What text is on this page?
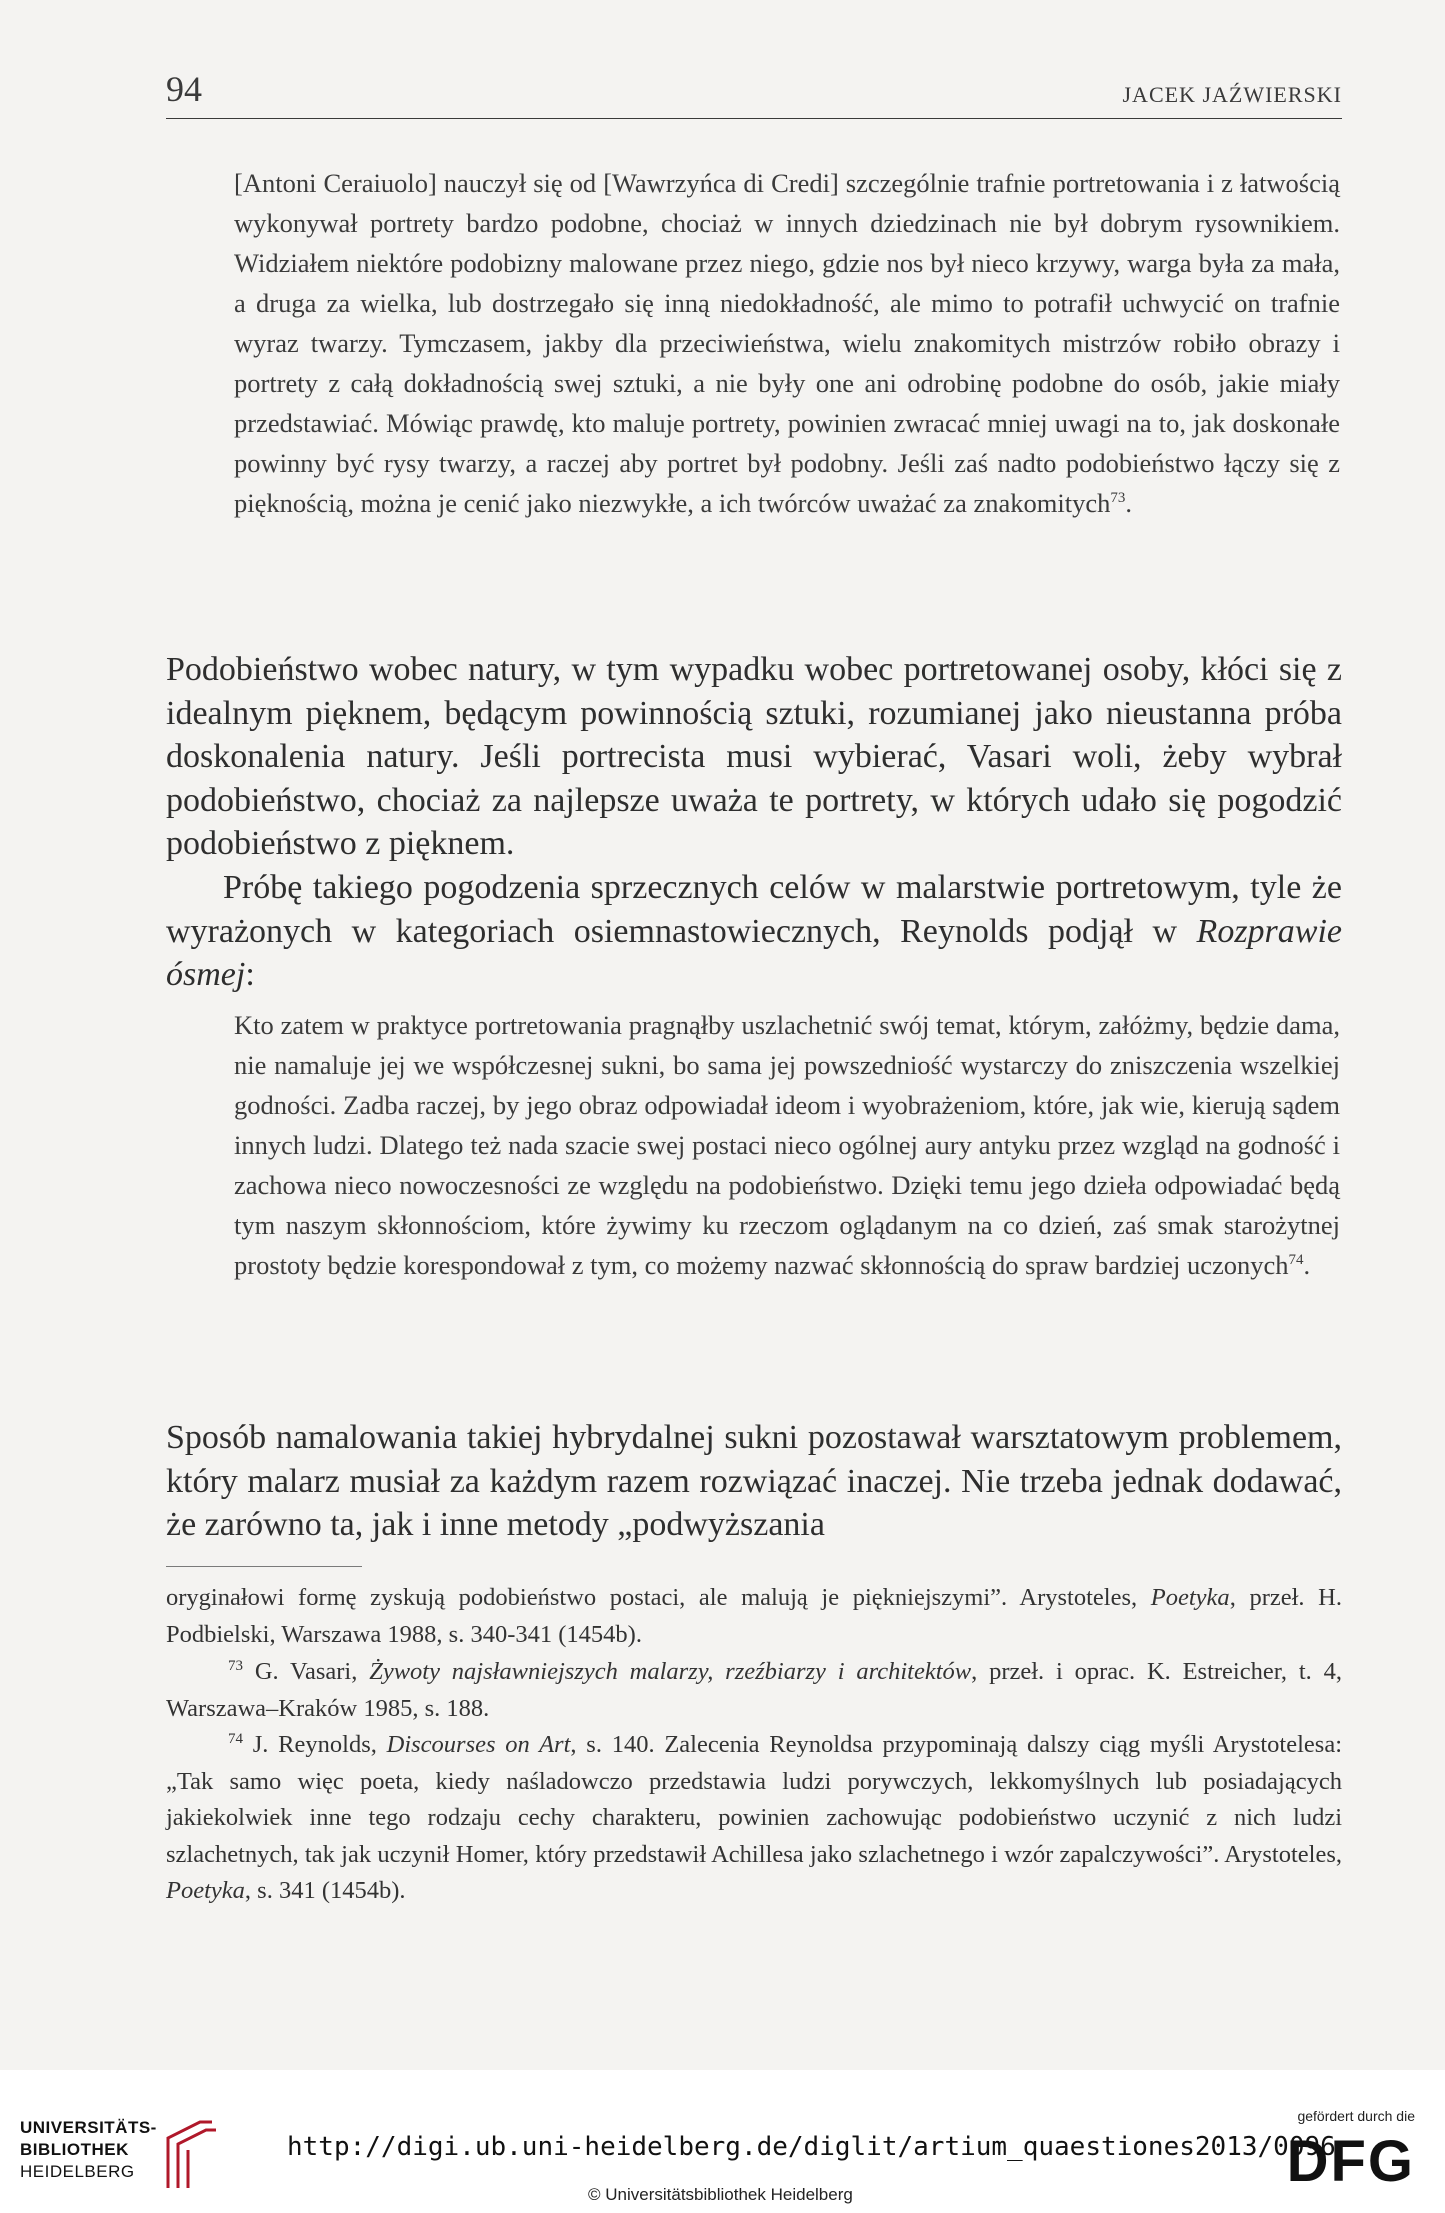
94	JACEK JAŹWIERSKI

[Antoni Ceraiuolo] nauczył się od [Wawrzyńca di Credi] szczególnie trafnie portretowania i z łatwością wykonywał portrety bardzo podobne, chociaż w innych dziedzinach nie był dobrym rysownikiem. Widziałem niektóre podobizny malowane przez niego, gdzie nos był nieco krzywy, warga była za mała, a druga za wielka, lub dostrzegało się inną niedokładność, ale mimo to potrafił uchwycić on trafnie wyraz twarzy. Tymczasem, jakby dla przeciwieństwa, wielu znakomitych mistrzów robiło obrazy i portrety z całą dokładnością swej sztuki, a nie były one ani odrobinę podobne do osób, jakie miały przedstawiać. Mówiąc prawdę, kto maluje portrety, powinien zwracać mniej uwagi na to, jak doskonałe powinny być rysy twarzy, a raczej aby portret był podobny. Jeśli zaś nadto podobieństwo łączy się z pięknością, można je cenić jako niezwykłe, a ich twórców uważać za znakomitych$^{73}$.

Podobieństwo wobec natury, w tym wypadku wobec portretowanej osoby, kłóci się z idealnym pięknem, będącym powinnością sztuki, rozumianej jako nieustanna próba doskonalenia natury. Jeśli portrecista musi wybierać, Vasari woli, żeby wybrał podobieństwo, chociaż za najlepsze uważa te portrety, w których udało się pogodzić podobieństwo z pięknem.

Próbę takiego pogodzenia sprzecznych celów w malarstwie portretowym, tyle że wyrażonych w kategoriach osiemnastowiecznych, Reynolds podjął w Rozprawie ósmej:

Kto zatem w praktyce portretowania pragnąłby uszlachetnić swój temat, którym, załóżmy, będzie dama, nie namaluje jej we współczesnej sukni, bo sama jej powszedniość wystarczy do zniszczenia wszelkiej godności. Zadba raczej, by jego obraz odpowiadał ideom i wyobrażeniom, które, jak wie, kierują sądem innych ludzi. Dlatego też nada szacie swej postaci nieco ogólnej aury antyku przez wzgląd na godność i zachowa nieco nowoczesności ze względu na podobieństwo. Dzięki temu jego dzieła odpowiadać będą tym naszym skłonnościom, które żywimy ku rzeczom oglądanym na co dzień, zaś smak starożytnej prostoty będzie korespondował z tym, co możemy nazwać skłonnością do spraw bardziej uczonych$^{74}$.

Sposób namalowania takiej hybrydalnej sukni pozostawał warsztatowym problemem, który malarz musiał za każdym razem rozwiązać inaczej. Nie trzeba jednak dodawać, że zarówno ta, jak i inne metody „podwyższania

oryginałowi formę zyskują podobieństwo postaci, ale malują je piękniejszymi”. Arystoteles, Poetyka, przeł. H. Podbielski, Warszawa 1988, s. 340-341 (1454b).

$^{73}$ G. Vasari, Żywoty najsławniejszych malarzy, rzeźbiarzy i architektów, przeł. i oprac. K. Estreicher, t. 4, Warszawa–Kraków 1985, s. 188.

$^{74}$ J. Reynolds, Discourses on Art, s. 140. Zalecenia Reynoldsa przypominają dalszy ciąg myśli Arystotelesa: „Tak samo więc poeta, kiedy naśladowczo przedstawia ludzi porywczych, lekkomyślnych lub posiadających jakiekolwiek inne tego rodzaju cechy charakteru, powinien zachowując podobieństwo uczynić z nich ludzi szlachetnych, tak jak uczynił Homer, który przedstawił Achillesa jako szlachetnego i wzór zapalczywości”. Arystoteles, Poetyka, s. 341 (1454b).

UNIVERSITÄTS-
BIBLIOTHEK
HEIDELBERG
http://digi.ub.uni-heidelberg.de/diglit/artium_quaestiones2013/0096
© Universitätsbibliothek Heidelberg
gefördert durch die
DFG
